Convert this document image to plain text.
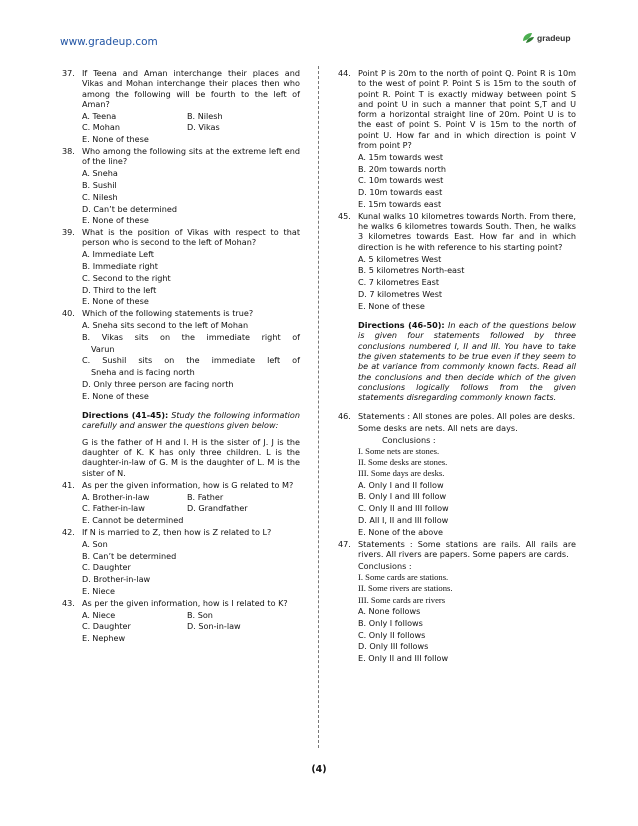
www.gradeup.com	gradeup
37. If Teena and Aman interchange their places and Vikas and Mohan interchange their places then who among the following will be fourth to the left of Aman?
A. Teena	B. Nilesh
C. Mohan	D. Vikas
E. None of these
38. Who among the following sits at the extreme left end of the line?
A. Sneha
B. Sushil
C. Nilesh
D. Can’t be determined
E. None of these
39. What is the position of Vikas with respect to that person who is second to the left of Mohan?
A. Immediate Left
B. Immediate right
C. Second to the right
D. Third to the left
E. None of these
40. Which of the following statements is true?
A. Sneha sits second to the left of Mohan
B. Vikas sits on the immediate right of
Varun
C. Sushil sits on the immediate left of
Sneha and is facing north
D. Only three person are facing north
E. None of these
Directions (41-45): Study the following information carefully and answer the questions given below:
G is the father of H and I. H is the sister of J. J is the daughter of K. K has only three children. L is the daughter-in-law of G. M is the daughter of L. M is the sister of N.
41. As per the given information, how is G related to M?
A. Brother-in-law	B. Father
C. Father-in-law	D. Grandfather
E. Cannot be determined
42. If N is married to Z, then how is Z related to L?
A. Son
B. Can’t be determined
C. Daughter
D. Brother-in-law
E. Niece
43. As per the given information, how is I related to K?
A. Niece	B. Son
C. Daughter	D. Son-in-law
E. Nephew
44. Point P is 20m to the north of point Q. Point R is 10m to the west of point P. Point S is 15m to the south of point R. Point T is exactly midway between point S and point U in such a manner that point S,T and U form a horizontal straight line of 20m. Point U is to the east of point S. Point V is 15m to the north of point U. How far and in which direction is point V from point P?
A. 15m towards west
B. 20m towards north
C. 10m towards west
D. 10m towards east
E. 15m towards east
45. Kunal walks 10 kilometres towards North. From there, he walks 6 kilometres towards South. Then, he walks 3 kilometres towards East. How far and in which direction is he with reference to his starting point?
A. 5 kilometres West
B. 5 kilometres North-east
C. 7 kilometres East
D. 7 kilometres West
E. None of these
Directions (46-50): In each of the questions below is given four statements followed by three conclusions numbered I, II and III. You have to take the given statements to be true even if they seem to be at variance from commonly known facts. Read all the conclusions and then decide which of the given conclusions logically follows from the given statements disregarding commonly known facts.
46. Statements : All stones are poles. All poles are desks.
Some desks are nets. All nets are days.
Conclusions :
I. Some nets are stones.
II. Some desks are stones.
III. Some days are desks.
A. Only I and II follow
B. Only I and III follow
C. Only II and III follow
D. All I, II and III follow
E. None of the above
47. Statements : Some stations are rails. All rails are rivers. All rivers are papers. Some papers are cards.
Conclusions :
I. Some cards are stations.
II. Some rivers are stations.
III. Some cards are rivers
A. None follows
B. Only I follows
C. Only II follows
D. Only III follows
E. Only II and III follow
(4)
